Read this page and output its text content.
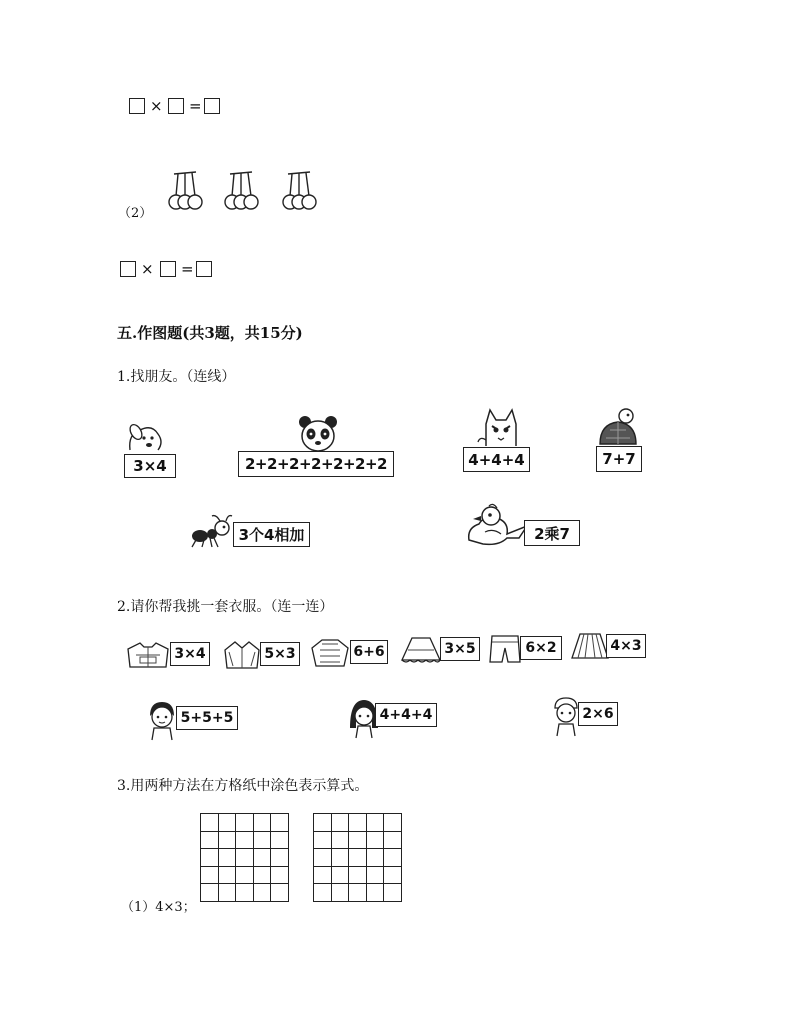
× =
（2）
× =
五.作图题(共3题，共15分)
1.找朋友。（连线）
3×4	2+2+2+2+2+2+2	4+4+4	7+7
3个4相加	2乘7
2.请你帮我挑一套衣服。（连一连）
3×4	5×3	6+6	3×5	6×2	4×3
5+5+5	4+4+4	2×6
3.用两种方法在方格纸中涂色表示算式。
（1）4×3；
